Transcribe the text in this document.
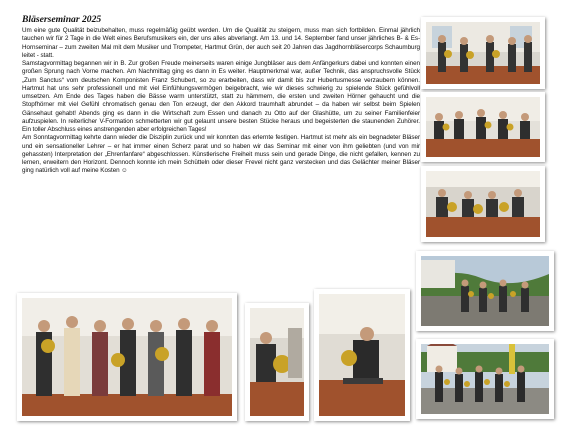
Bläserseminar 2025

Um eine gute Qualität beizubehalten, muss regelmäßig geübt werden. Um die Qualität zu steigern, muss man sich fortbilden. Einmal jährlich tauchen wir für 2 Tage in die Welt eines Berufsmusikers ein, der uns alles abverlangt. Am 13. und 14. September fand unser jährliches B- & Es-Hornseminar – zum zweiten Mal mit dem Musiker und Trompeter, Hartmut Grün, der auch seit 20 Jahren das Jagdhornbläsercorps Schaumburg leitet - statt.

Samstagvormittag begannen wir in B. Zur großen Freude meinerseits waren einige Jungbläser aus dem Anfängerkurs dabei und konnten einen großen Sprung nach Vorne machen. Am Nachmittag ging es dann in Es weiter. Hauptmerkmal war, außer Technik, das anspruchsvolle Stück „Zum Sanctus“ vom deutschen Komponisten Franz Schubert, so zu erarbeiten, dass wir damit bis zur Hubertusmesse verzaubern können. Hartmut hat uns sehr professionell und mit viel Einfühlungsvermögen beigebracht, wie wir dieses schwierig zu spielende Stück gefühlvoll umsetzen. Am Ende des Tages haben die Bässe warm unterstützt, statt zu hämmern, die ersten und zweiten Hörner gehaucht und die Stopfhörner mit viel Gefühl chromatisch genau den Ton erzeugt, der den Akkord traumhaft abrundet – da haben wir selbst beim Spielen Gänsehaut gehabt! Abends ging es dann in die Wirtschaft zum Essen und danach zu Otto auf der Glashütte, um zu seiner Familienfeier aufzuspielen. In reiterlicher V-Formation schmetterten wir gut gelaunt unsere besten Stücke heraus und begeisterten die staunenden Zuhörer. Ein toller Abschluss eines anstrengenden aber erfolgreichen Tages!

Am Sonntagvormittag kehrte dann wieder die Disziplin zurück und wir konnten das erlernte festigen. Hartmut ist mehr als ein begnadeter Bläser und ein sensationeller Lehrer – er hat immer einen Scherz parat und so haben wir das Seminar mit einer von ihm geliebten (und von mir gehassten) Interpretation der „Ehrenfanfare“ abgeschlossen. Künstlerische Freiheit muss sein und gerade Dinge, die nicht gefallen, kennen zu lernen, erweitern den Horizont. Dennoch konnte ich mein Schütteln oder dieser Frevel nicht ganz verstecken und das Gelächter meiner Bläser ging natürlich voll auf meine Kosten ☺
